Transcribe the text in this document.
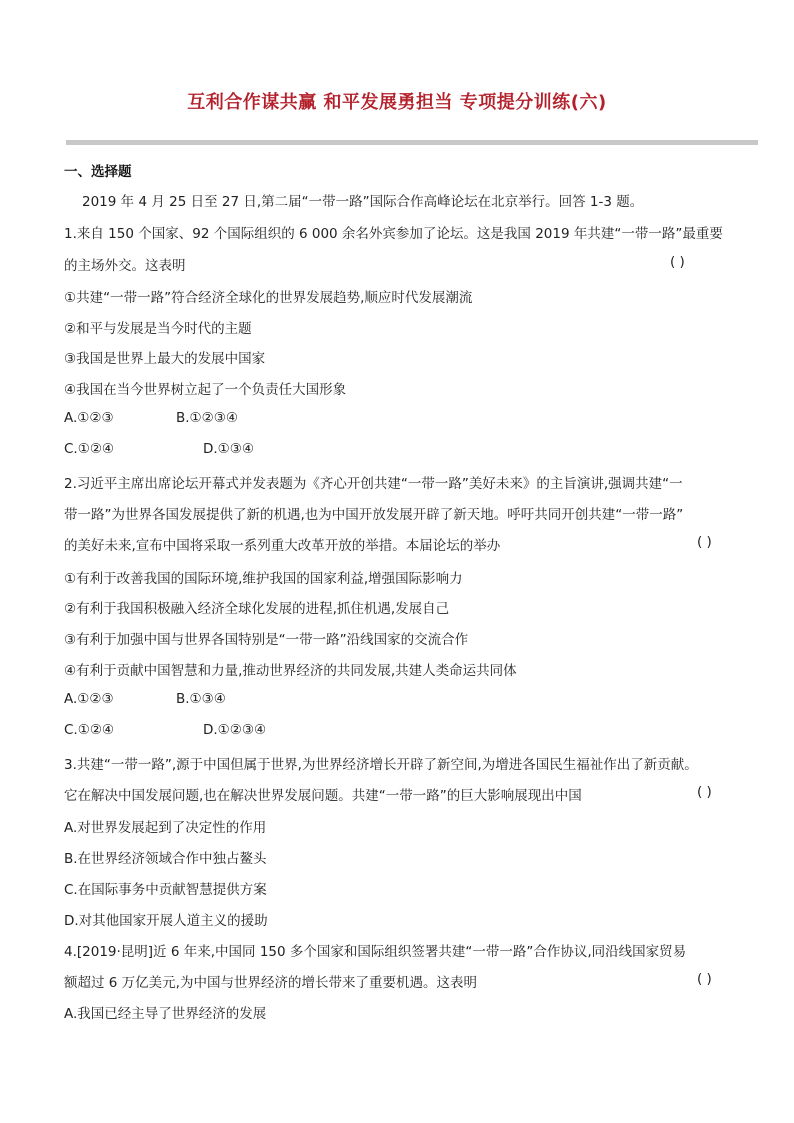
互利合作谋共赢 和平发展勇担当 专项提分训练(六)
一、选择题
2019 年 4 月 25 日至 27 日,第二届“一带一路”国际合作高峰论坛在北京举行。回答 1-3 题。
1.来自 150 个国家、92 个国际组织的 6 000 余名外宾参加了论坛。这是我国 2019 年共建“一带一路”最重要
的主场外交。这表明	( )
①共建“一带一路”符合经济全球化的世界发展趋势,顺应时代发展潮流
②和平与发展是当今时代的主题
③我国是世界上最大的发展中国家
④我国在当今世界树立起了一个负责任大国形象
A.①②③	B.①②③④
C.①②④	D.①③④
2.习近平主席出席论坛开幕式并发表题为《齐心开创共建“一带一路”美好未来》的主旨演讲,强调共建“一
带一路”为世界各国发展提供了新的机遇,也为中国开放发展开辟了新天地。呼吁共同开创共建“一带一路”
的美好未来,宣布中国将采取一系列重大改革开放的举措。本届论坛的举办	( )
①有利于改善我国的国际环境,维护我国的国家利益,增强国际影响力
②有利于我国积极融入经济全球化发展的进程,抓住机遇,发展自己
③有利于加强中国与世界各国特别是“一带一路”沿线国家的交流合作
④有利于贡献中国智慧和力量,推动世界经济的共同发展,共建人类命运共同体
A.①②③	B.①③④
C.①②④	D.①②③④
3.共建“一带一路”,源于中国但属于世界,为世界经济增长开辟了新空间,为增进各国民生福祉作出了新贡献。
它在解决中国发展问题,也在解决世界发展问题。共建“一带一路”的巨大影响展现出中国	( )
A.对世界发展起到了决定性的作用
B.在世界经济领域合作中独占鳌头
C.在国际事务中贡献智慧提供方案
D.对其他国家开展人道主义的援助
4.[2019·昆明]近 6 年来,中国同 150 多个国家和国际组织签署共建“一带一路”合作协议,同沿线国家贸易
额超过 6 万亿美元,为中国与世界经济的增长带来了重要机遇。这表明	( )
A.我国已经主导了世界经济的发展
